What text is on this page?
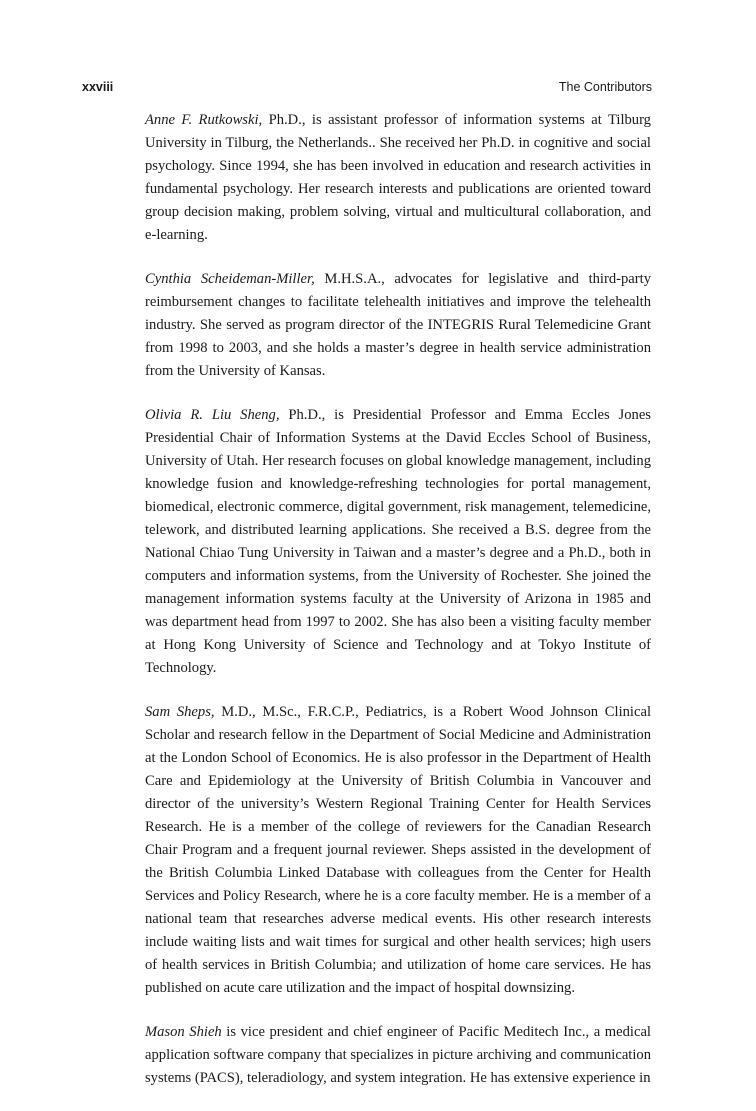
xxviii	The Contributors

Anne F. Rutkowski, Ph.D., is assistant professor of information systems at Tilburg University in Tilburg, the Netherlands.. She received her Ph.D. in cognitive and social psychology. Since 1994, she has been involved in education and research activities in fundamental psychology. Her research interests and publications are oriented toward group decision making, problem solving, virtual and multicultural collaboration, and e-learning.

Cynthia Scheideman-Miller, M.H.S.A., advocates for legislative and third-party reimbursement changes to facilitate telehealth initiatives and improve the telehealth industry. She served as program director of the INTEGRIS Rural Telemedicine Grant from 1998 to 2003, and she holds a master’s degree in health service administration from the University of Kansas.

Olivia R. Liu Sheng, Ph.D., is Presidential Professor and Emma Eccles Jones Presidential Chair of Information Systems at the David Eccles School of Business, University of Utah. Her research focuses on global knowledge management, including knowledge fusion and knowledge-refreshing technologies for portal management, biomedical, electronic commerce, digital government, risk management, telemedicine, telework, and distributed learning applications. She received a B.S. degree from the National Chiao Tung University in Taiwan and a master’s degree and a Ph.D., both in computers and information systems, from the University of Rochester. She joined the management information systems faculty at the University of Arizona in 1985 and was department head from 1997 to 2002. She has also been a visiting faculty member at Hong Kong University of Science and Technology and at Tokyo Institute of Technology.

Sam Sheps, M.D., M.Sc., F.R.C.P., Pediatrics, is a Robert Wood Johnson Clinical Scholar and research fellow in the Department of Social Medicine and Administration at the London School of Economics. He is also professor in the Department of Health Care and Epidemiology at the University of British Columbia in Vancouver and director of the university’s Western Regional Training Center for Health Services Research. He is a member of the college of reviewers for the Canadian Research Chair Program and a frequent journal reviewer. Sheps assisted in the development of the British Columbia Linked Database with colleagues from the Center for Health Services and Policy Research, where he is a core faculty member. He is a member of a national team that researches adverse medical events. His other research interests include waiting lists and wait times for surgical and other health services; high users of health services in British Columbia; and utilization of home care services. He has published on acute care utilization and the impact of hospital downsizing.

Mason Shieh is vice president and chief engineer of Pacific Meditech Inc., a medical application software company that specializes in picture archiving and communication systems (PACS), teleradiology, and system integration. He has extensive experience in
